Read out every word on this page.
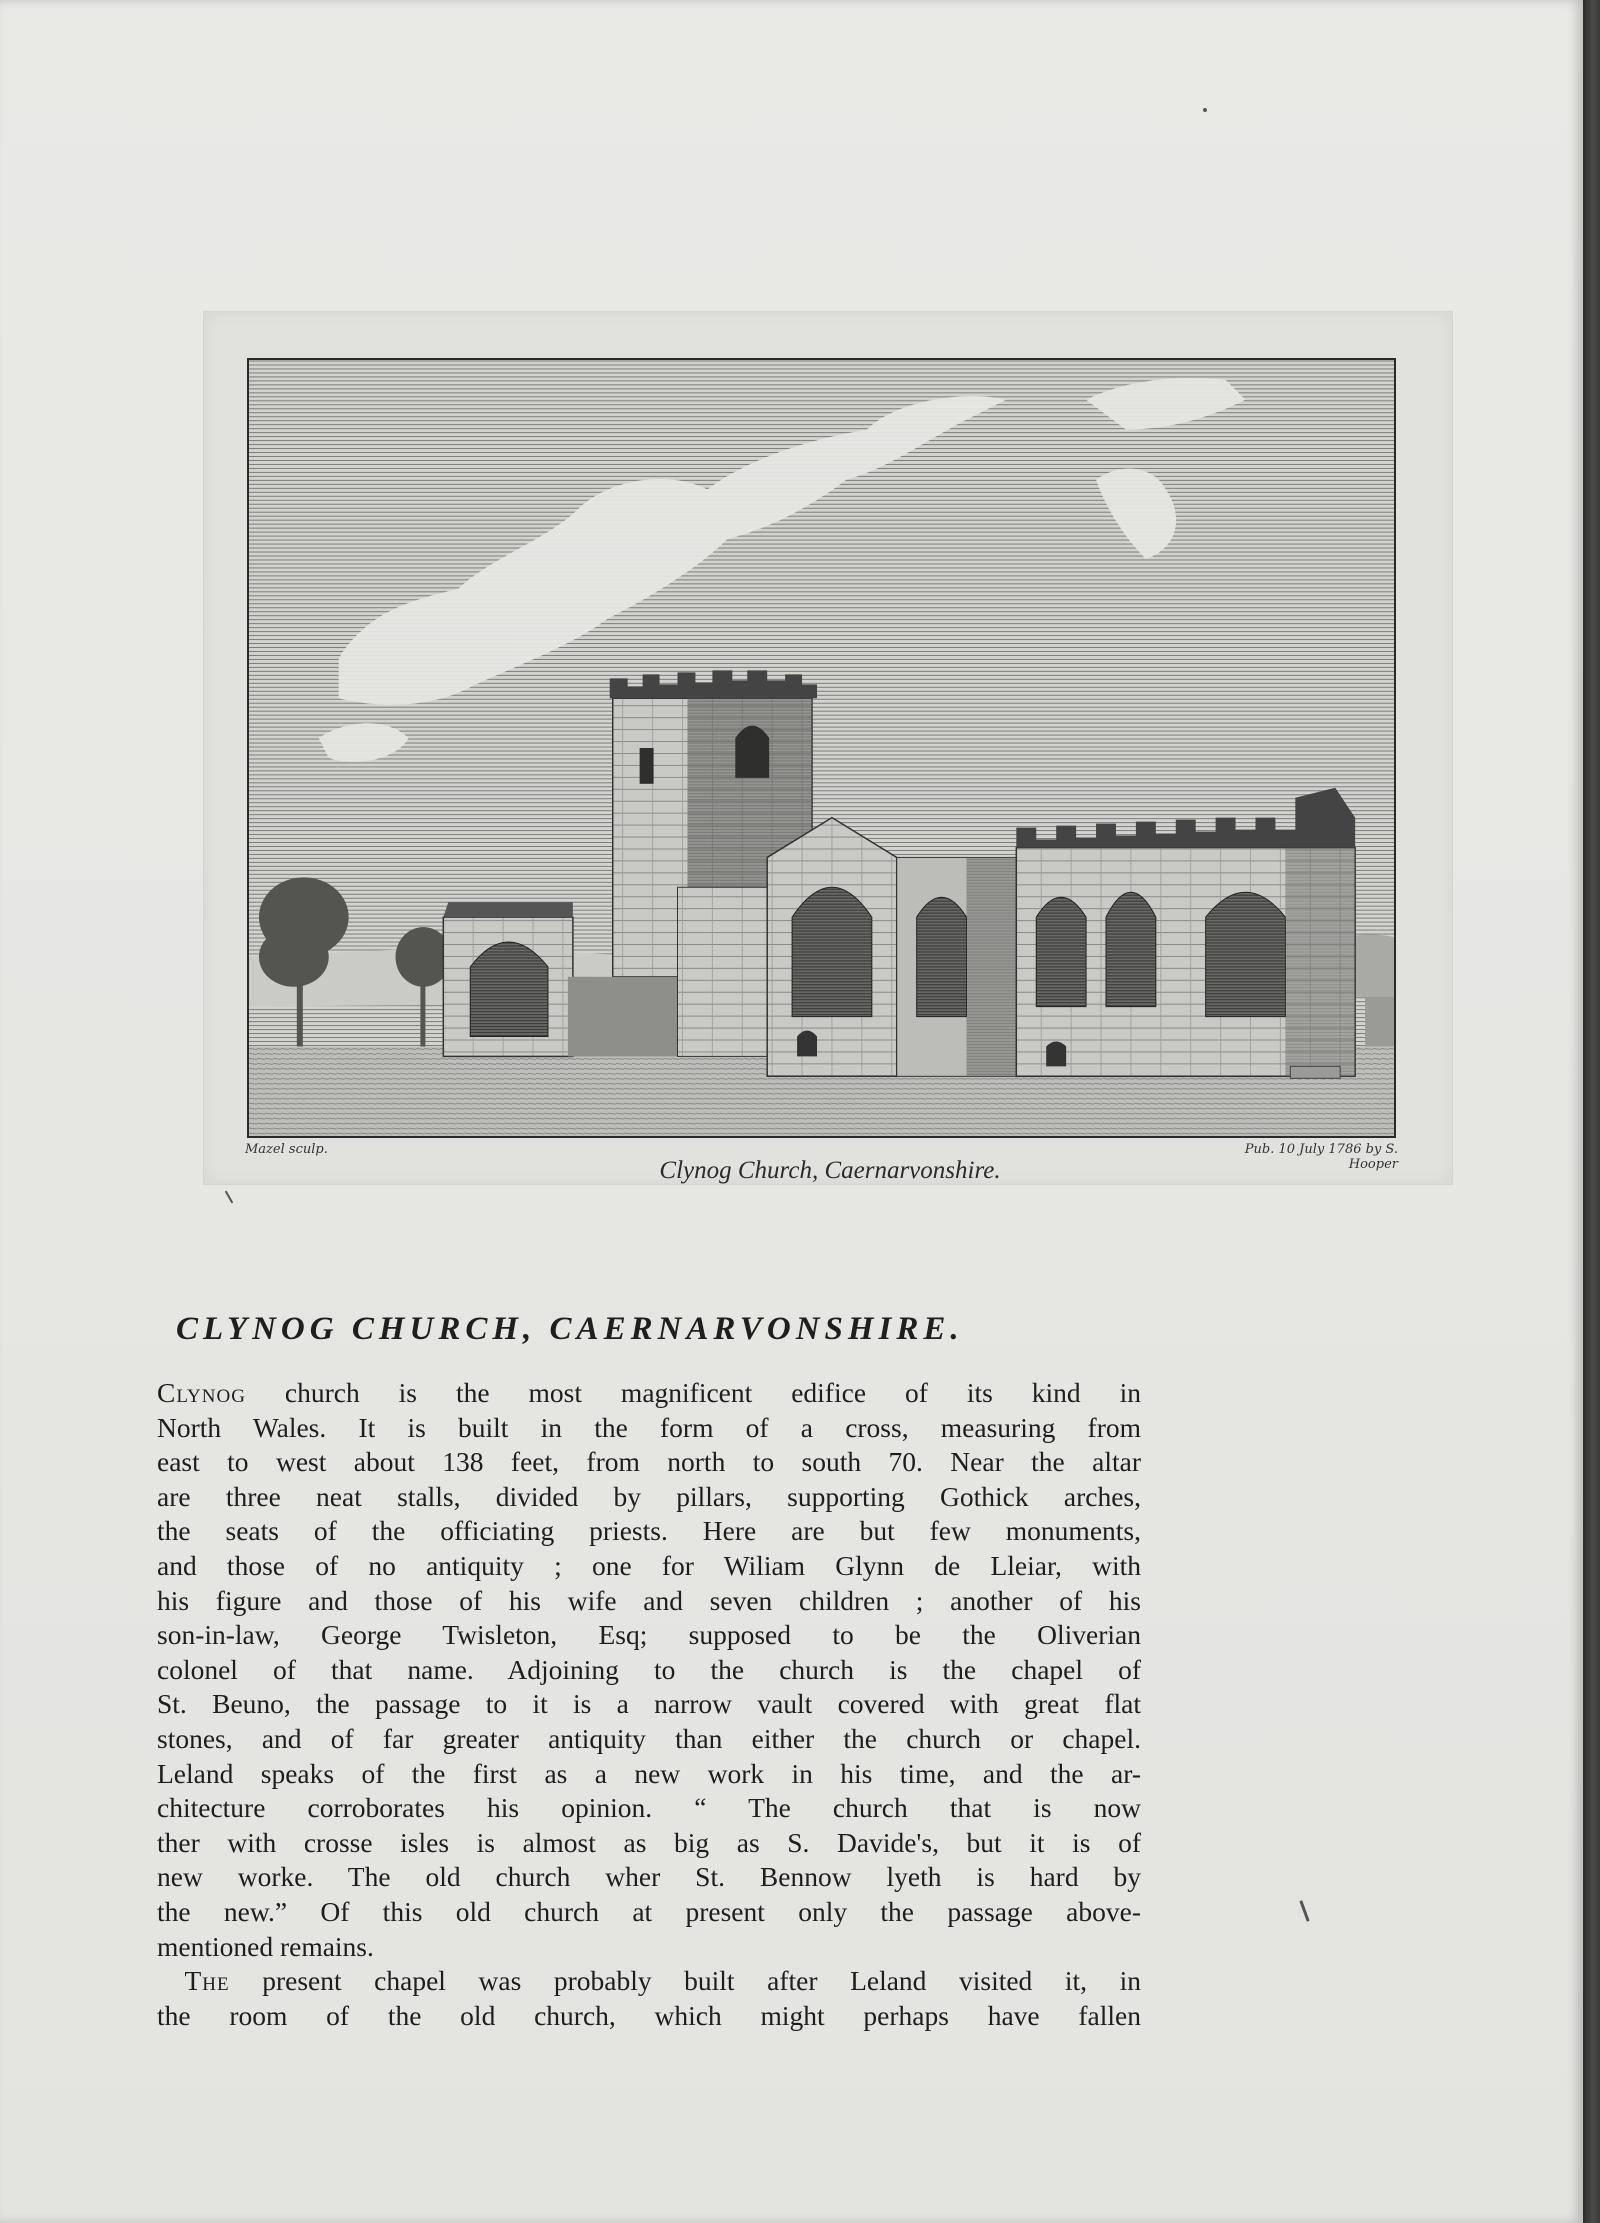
Mazel sculp.	Pub. 10 July 1786 by S. Hooper
Clynog Church, Caernarvonshire.
CLYNOG CHURCH, CAERNARVONSHIRE.
Clynog church is the most magnificent edifice of its kind in
North Wales. It is built in the form of a cross, measuring from
east to west about 138 feet, from north to south 70. Near the altar
are three neat stalls, divided by pillars, supporting Gothick arches,
the seats of the officiating priests. Here are but few monuments,
and those of no antiquity ; one for Wiliam Glynn de Lleiar, with
his figure and those of his wife and seven children ; another of his
son-in-law, George Twisleton, Esq; supposed to be the Oliverian
colonel of that name. Adjoining to the church is the chapel of
St. Beuno, the passage to it is a narrow vault covered with great flat
stones, and of far greater antiquity than either the church or chapel.
Leland speaks of the first as a new work in his time, and the ar-
chitecture corroborates his opinion. “ The church that is now
ther with crosse isles is almost as big as S. Davide's, but it is of
new worke. The old church wher St. Bennow lyeth is hard by
the new.” Of this old church at present only the passage above-
mentioned remains.
 The present chapel was probably built after Leland visited it, in
the room of the old church, which might perhaps have fallen
